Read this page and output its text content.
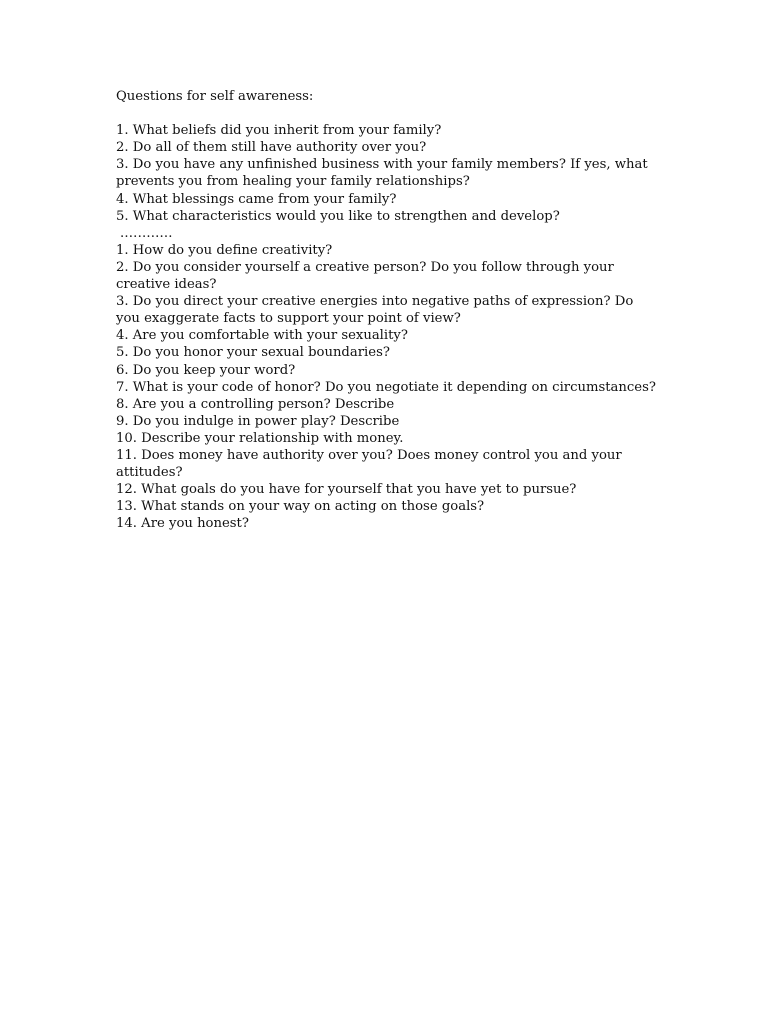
Questions for self awareness:

1. What beliefs did you inherit from your family?

2. Do all of them still have authority over you?

3. Do you have any unfinished business with your family members? If yes, what prevents you from healing your family relationships?

4. What blessings came from your family?

5. What characteristics would you like to strengthen and develop?

............

1. How do you define creativity?

2. Do you consider yourself a creative person? Do you follow through your creative ideas?

3. Do you direct your creative energies into negative paths of expression? Do you exaggerate facts to support your point of view?

4. Are you comfortable with your sexuality?

5. Do you honor your sexual boundaries?

6. Do you keep your word?

7. What is your code of honor? Do you negotiate it depending on circumstances?

8. Are you a controlling person? Describe

9. Do you indulge in power play? Describe

10. Describe your relationship with money.

11. Does money have authority over you? Does money control you and your attitudes?

12. What goals do you have for yourself that you have yet to pursue?

13. What stands on your way on acting on those goals?

14. Are you honest?
